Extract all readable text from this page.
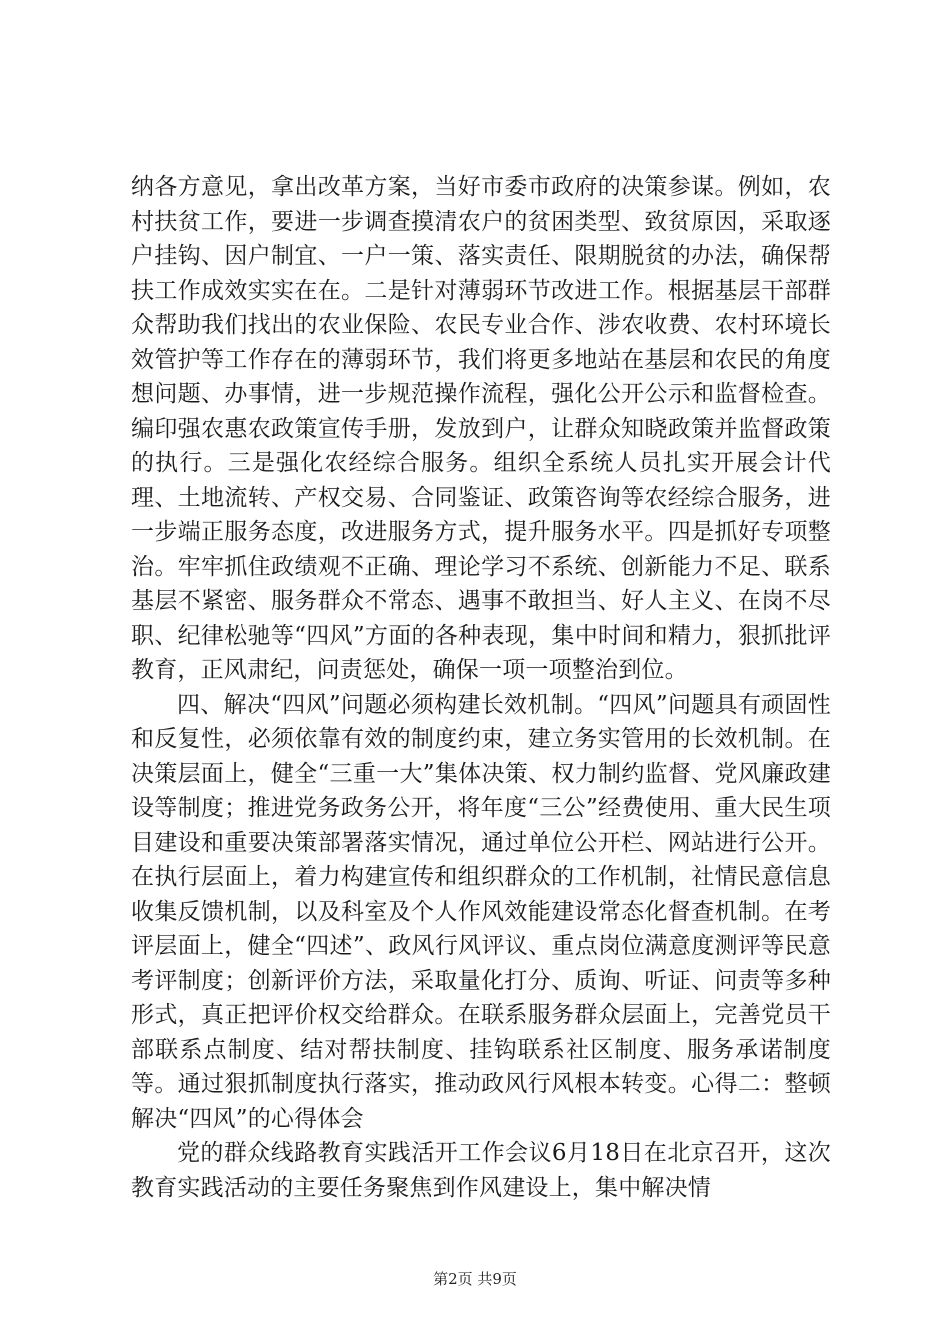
纳各方意见，拿出改革方案，当好市委市政府的决策参谋。例如，农村扶贫工作，要进一步调查摸清农户的贫困类型、致贫原因，采取逐户挂钩、因户制宜、一户一策、落实责任、限期脱贫的办法，确保帮扶工作成效实实在在。二是针对薄弱环节改进工作。根据基层干部群众帮助我们找出的农业保险、农民专业合作、涉农收费、农村环境长效管护等工作存在的薄弱环节，我们将更多地站在基层和农民的角度想问题、办事情，进一步规范操作流程，强化公开公示和监督检查。编印强农惠农政策宣传手册，发放到户，让群众知晓政策并监督政策的执行。三是强化农经综合服务。组织全系统人员扎实开展会计代理、土地流转、产权交易、合同鉴证、政策咨询等农经综合服务，进一步端正服务态度，改进服务方式，提升服务水平。四是抓好专项整治。牢牢抓住政绩观不正确、理论学习不系统、创新能力不足、联系基层不紧密、服务群众不常态、遇事不敢担当、好人主义、在岗不尽职、纪律松驰等“四风”方面的各种表现，集中时间和精力，狠抓批评教育，正风肃纪，问责惩处，确保一项一项整治到位。

四、解决“四风”问题必须构建长效机制。“四风”问题具有顽固性和反复性，必须依靠有效的制度约束，建立务实管用的长效机制。在决策层面上，健全“三重一大”集体决策、权力制约监督、党风廉政建设等制度；推进党务政务公开，将年度“三公”经费使用、重大民生项目建设和重要决策部署落实情况，通过单位公开栏、网站进行公开。在执行层面上，着力构建宣传和组织群众的工作机制，社情民意信息收集反馈机制，以及科室及个人作风效能建设常态化督查机制。在考评层面上，健全“四述”、政风行风评议、重点岗位满意度测评等民意考评制度；创新评价方法，采取量化打分、质询、听证、问责等多种形式，真正把评价权交给群众。在联系服务群众层面上，完善党员干部联系点制度、结对帮扶制度、挂钩联系社区制度、服务承诺制度等。通过狠抓制度执行落实，推动政风行风根本转变。心得二：整顿解决“四风”的心得体会

党的群众线路教育实践活开工作会议6月18日在北京召开，这次教育实践活动的主要任务聚焦到作风建设上，集中解决情

第2页 共9页
